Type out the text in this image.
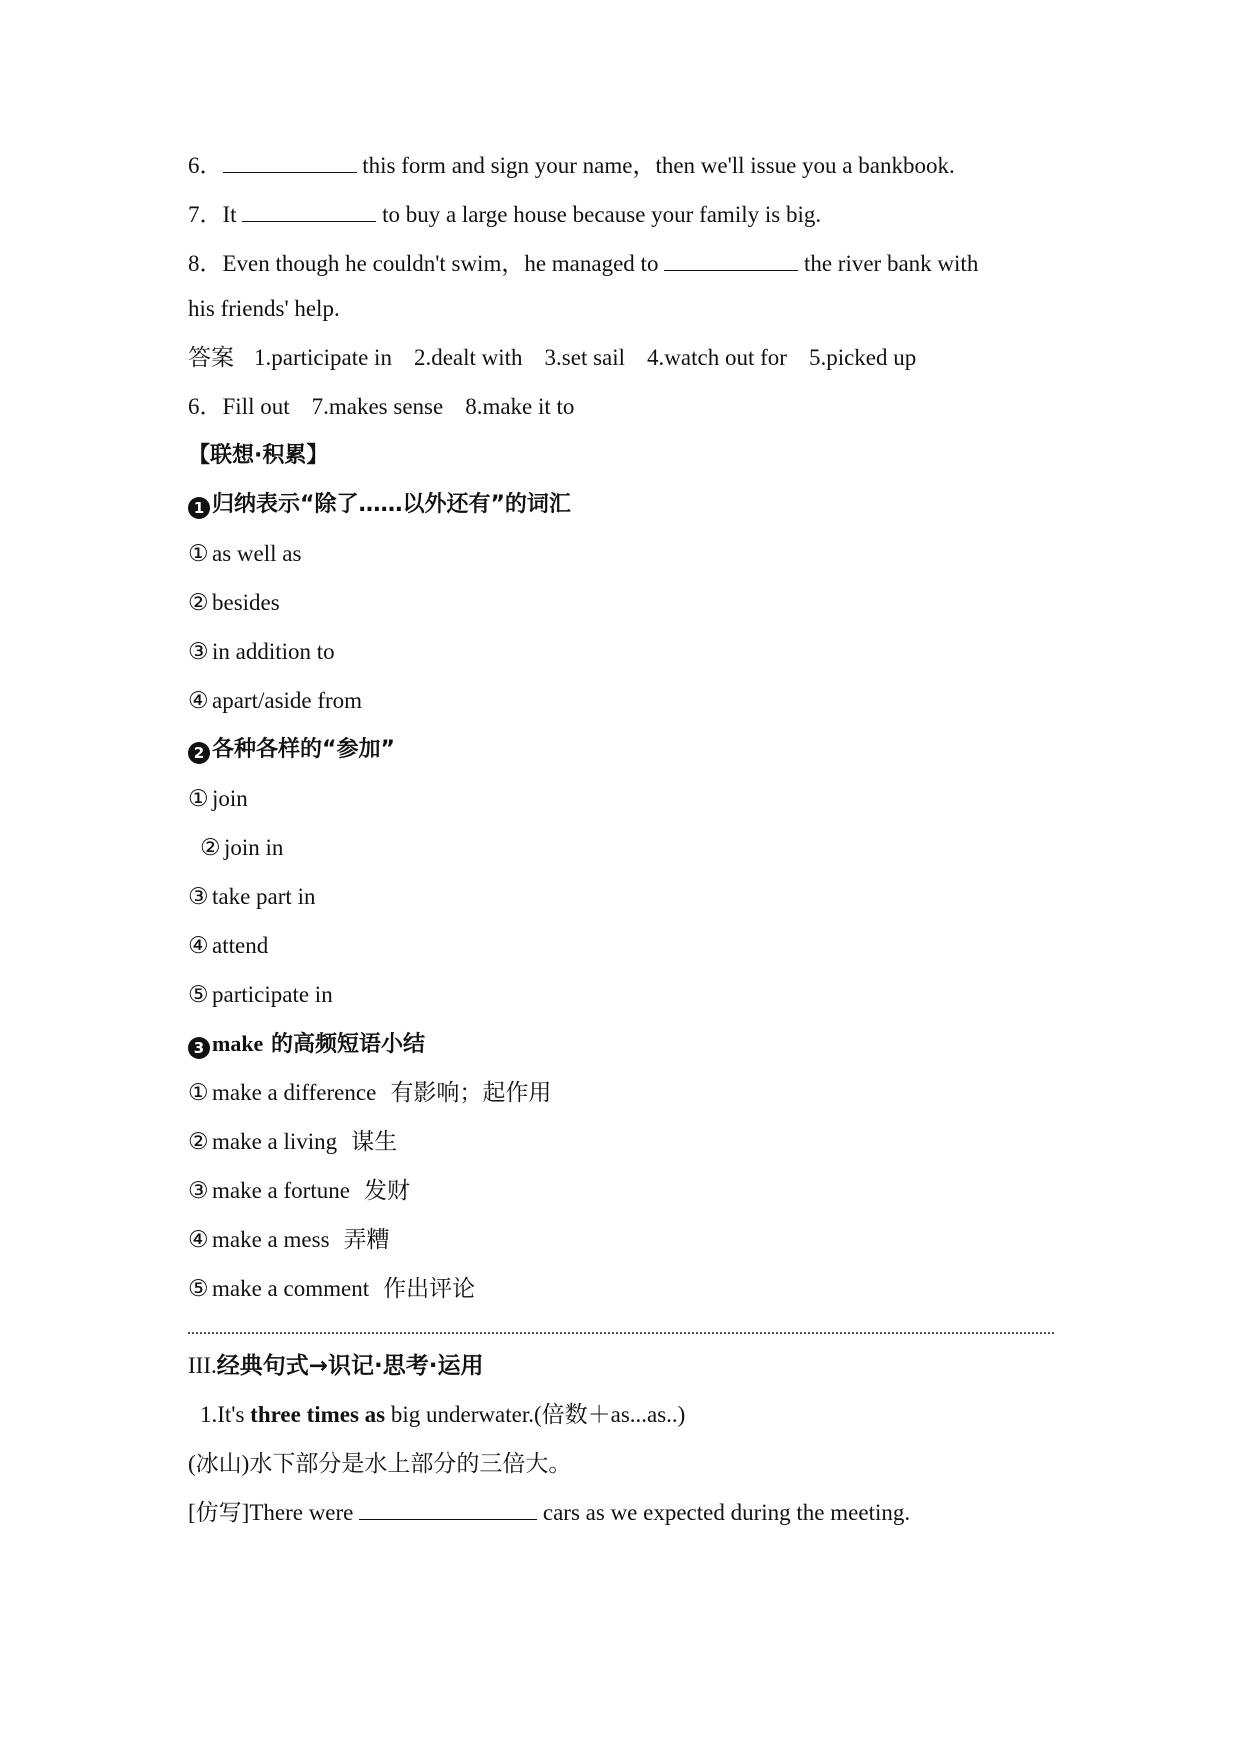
6．	this form and sign your name，then we'll issue you a bankbook.
7．It	to buy a large house because your family is big.
8．Even though he couldn't swim，he managed to	the river bank with
his friends' help.
答案 1.participate in 2.dealt with 3.set sail 4.watch out for 5.picked up
6．Fill out 7.makes sense 8.make it to
【联想·积累】
1 归纳表示“除了……以外还有”的词汇
① as well as
② besides
③ in addition to
④ apart/aside from
2 各种各样的“参加”
① join
② join in
③ take part in
④ attend
⑤ participate in
3 make 的高频短语小结
① make a difference 有影响；起作用
② make a living 谋生
③ make a fortune 发财
④ make a mess 弄糟
⑤ make a comment 作出评论
III.经典句式→识记·思考·运用
1.It's three times as big underwater.(倍数＋as...as..)
(冰山)水下部分是水上部分的三倍大。
[仿写]There were	cars as we expected during the meeting.
